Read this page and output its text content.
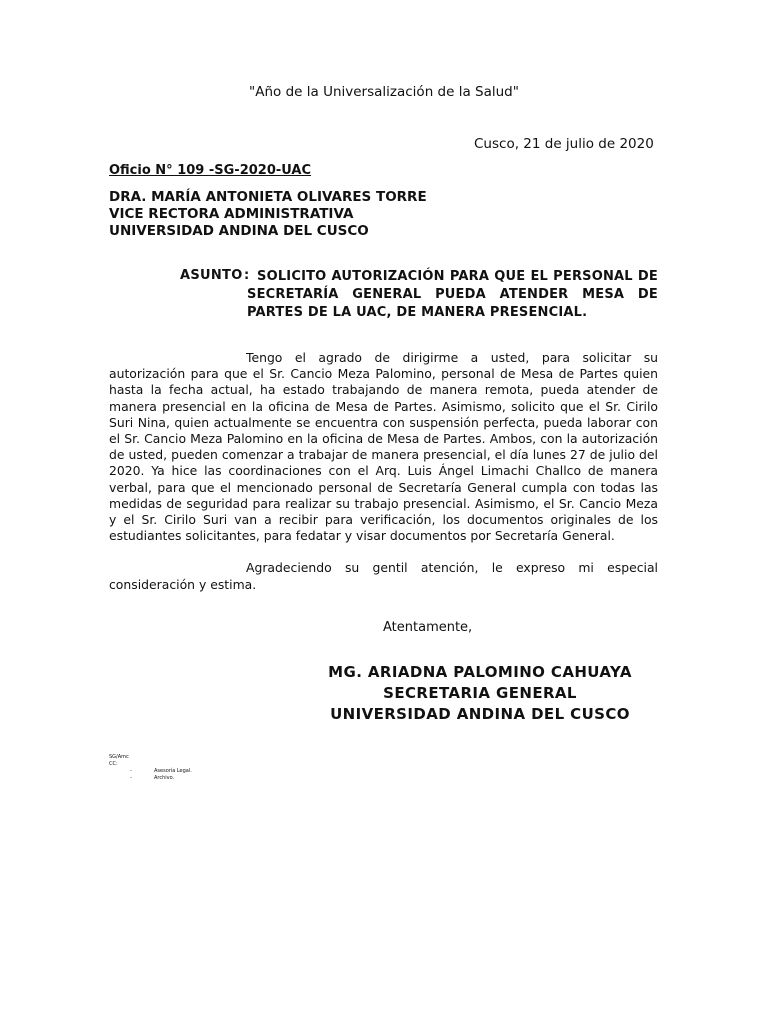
"Año de la Universalización de la Salud"
Cusco, 21 de julio de 2020
Oficio N° 109 -SG-2020-UAC
DRA. MARÍA ANTONIETA OLIVARES TORRE
VICE RECTORA ADMINISTRATIVA
UNIVERSIDAD ANDINA DEL CUSCO
ASUNTO : SOLICITO AUTORIZACIÓN PARA QUE EL PERSONAL DE SECRETARÍA GENERAL PUEDA ATENDER MESA DE PARTES DE LA UAC, DE MANERA PRESENCIAL.
Tengo el agrado de dirigirme a usted, para solicitar su autorización para que el Sr. Cancio Meza Palomino, personal de Mesa de Partes quien hasta la fecha actual, ha estado trabajando de manera remota, pueda atender de manera presencial en la oficina de Mesa de Partes. Asimismo, solicito que el Sr. Cirilo Suri Nina, quien actualmente se encuentra con suspensión perfecta, pueda laborar con el Sr. Cancio Meza Palomino en la oficina de Mesa de Partes. Ambos, con la autorización de usted, pueden comenzar a trabajar de manera presencial, el día lunes 27 de julio del 2020. Ya hice las coordinaciones con el Arq. Luis Ángel Limachi Challco de manera verbal, para que el mencionado personal de Secretaría General cumpla con todas las medidas de seguridad para realizar su trabajo presencial. Asimismo, el Sr. Cancio Meza y el Sr. Cirilo Suri van a recibir para verificación, los documentos originales de los estudiantes solicitantes, para fedatar y visar documentos por Secretaría General.
Agradeciendo su gentil atención, le expreso mi especial consideración y estima.
Atentamente,
MG. ARIADNA PALOMINO CAHUAYA
SECRETARIA GENERAL
UNIVERSIDAD ANDINA DEL CUSCO
SG/Amc
CC:
-	Asesoría Legal.
-	Archivo.
